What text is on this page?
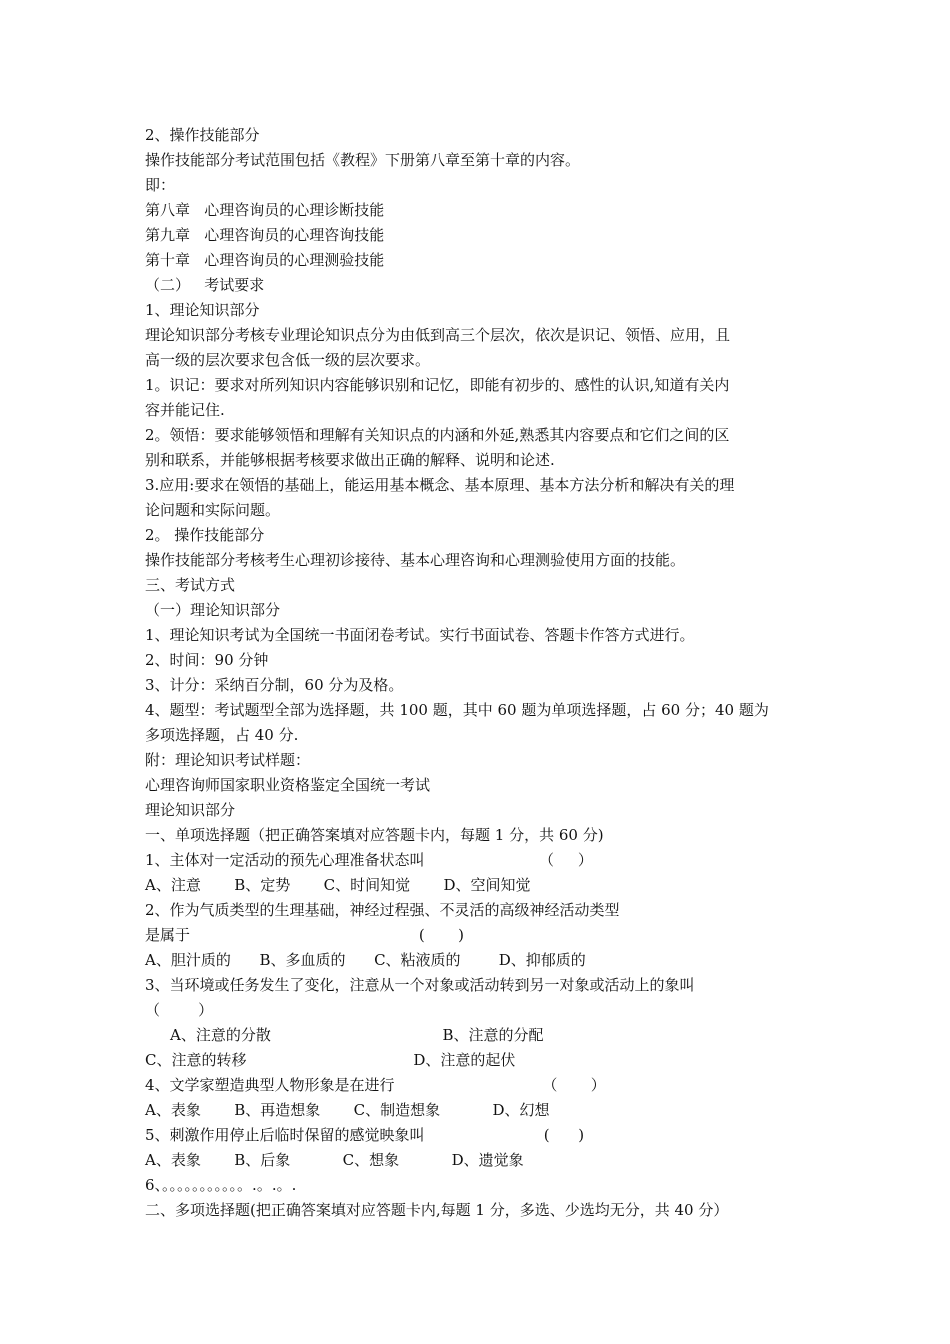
2、操作技能部分
操作技能部分考试范围包括《教程》下册第八章至第十章的内容。
即：
第八章   心理咨询员的心理诊断技能
第九章   心理咨询员的心理咨询技能
第十章   心理咨询员的心理测验技能
（二）   考试要求
1、理论知识部分
理论知识部分考核专业理论知识点分为由低到高三个层次，依次是识记、领悟、应用，且
高一级的层次要求包含低一级的层次要求。
1。识记：要求对所列知识内容能够识别和记忆，即能有初步的、感性的认识,知道有关内
容并能记住.
2。领悟：要求能够领悟和理解有关知识点的内涵和外延,熟悉其内容要点和它们之间的区
别和联系，并能够根据考核要求做出正确的解释、说明和论述.
3.应用:要求在领悟的基础上，能运用基本概念、基本原理、基本方法分析和解决有关的理
论问题和实际问题。
2。 操作技能部分
操作技能部分考核考生心理初诊接待、基本心理咨询和心理测验使用方面的技能。
三、考试方式
（一）理论知识部分
1、理论知识考试为全国统一书面闭卷考试。实行书面试卷、答题卡作答方式进行。
2、时间：90 分钟
3、计分：采纳百分制，60 分为及格。
4、题型：考试题型全部为选择题，共 100 题，其中 60 题为单项选择题，占 60 分；40 题为
多项选择题，占 40 分.
附：理论知识考试样题：
心理咨询师国家职业资格鉴定全国统一考试
理论知识部分
一、单项选择题（把正确答案填对应答题卡内，每题 1 分，共 60 分)
1、主体对一定活动的预先心理准备状态叫                        （     ）
A、注意       B、定势       C、时间知觉       D、空间知觉
2、作为气质类型的生理基础，神经过程强、不灵活的高级神经活动类型
是属于                                                (       )
A、胆汁质的      B、多血质的      C、粘液质的        D、抑郁质的
3、当环境或任务发生了变化，注意从一个对象或活动转到另一对象或活动上的象叫
（        ）
A、注意的分散                                    B、注意的分配
C、注意的转移                                   D、注意的起伏
4、文学家塑造典型人物形象是在进行                               （       ）
A、表象       B、再造想象       C、制造想象           D、幻想
5、刺激作用停止后临时保留的感觉映象叫                         (      )
A、表象       B、后象           C、想象           D、遗觉象
6、。。。。。。。。。。。.。.。.
二、多项选择题(把正确答案填对应答题卡内,每题 1 分，多选、少选均无分，共 40 分）
